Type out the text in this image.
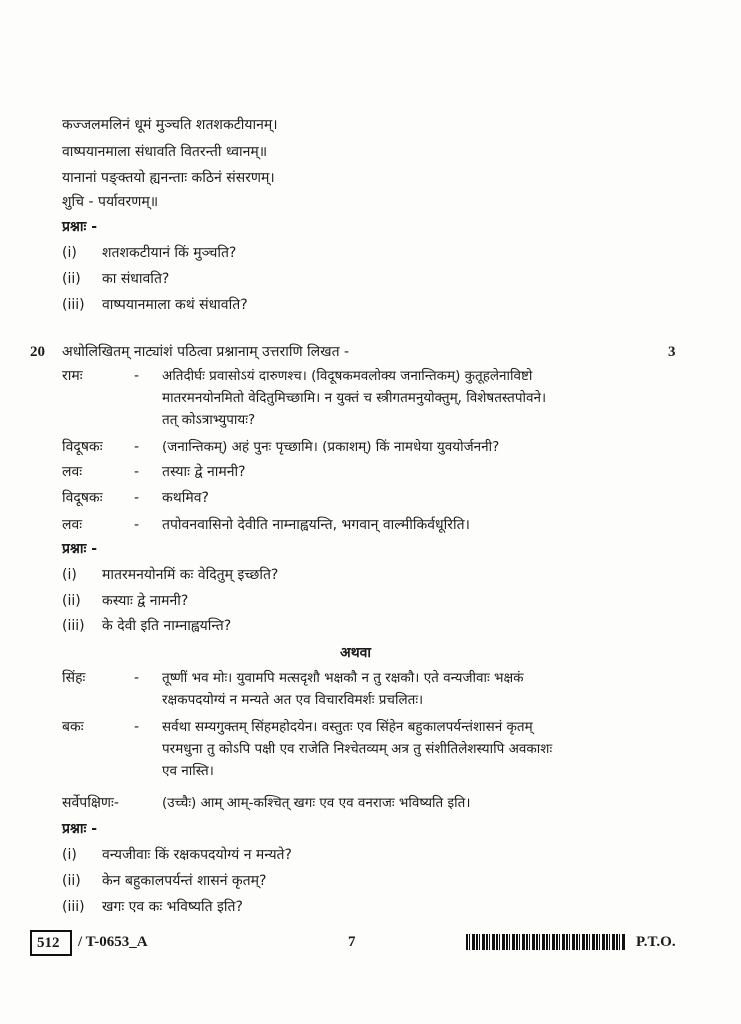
कज्जलमलिनं धूमं मुञ्चति शतशकटीयानम्।
वाष्पयानमाला संधावति वितरन्ती ध्वानम्॥
यानानां पङ्क्तयो ह्यनन्ताः कठिनं संसरणम्।
शुचि - पर्यावरणम्॥
प्रश्नाः -
(i)	शतशकटीयानं किं मुञ्चति?
(ii)	का संधावति?
(iii)	वाष्पयानमाला कथं संधावति?
20 अधोलिखितम् नाट्यांशं पठित्वा प्रश्नानाम् उत्तराणि लिखत -	3
रामः	- अतिदीर्घः प्रवासोऽयं दारुणश्च। (विदूषकमवलोक्य जनान्तिकम्) कुतूहलेनाविष्टो
मातरमनयोनमितो वेदितुमिच्छामि। न युक्तं च स्त्रीगतमनुयोक्तुम्, विशेषतस्तपोवने।
तत् कोऽत्राभ्युपायः?
विदूषकः - (जनान्तिकम्) अहं पुनः पृच्छामि। (प्रकाशम्) किं नामधेया युवयोर्जननी?
लवः	- तस्याः द्वे नामनी?
विदूषकः - कथमिव?
लवः	- तपोवनवासिनो देवीति नाम्नाह्वयन्ति, भगवान् वाल्मीकिर्वधूरिति।
प्रश्नाः -
(i)	मातरमनयोनमिं कः वेदितुम् इच्छति?
(ii)	कस्याः द्वे नामनी?
(iii)	के देवी इति नाम्नाह्वयन्ति?
अथवा
सिंहः	- तूष्णीं भव मोः। युवामपि मत्सदृशौ भक्षकौ न तु रक्षकौ। एते वन्यजीवाः भक्षकं
रक्षकपदयोग्यं न मन्यते अत एव विचारविमर्शः प्रचलितः।
बकः	- सर्वथा सम्यगुक्तम् सिंहमहोदयेन। वस्तुतः एव सिंहेन बहुकालपर्यन्तंशासनं कृतम्
परमधुना तु कोऽपि पक्षी एव राजेति निश्चेतव्यम् अत्र तु संशीतिलेशस्यापि अवकाशः
एव नास्ति।
सर्वेपक्षिणः-	(उच्चैः) आम् आम्-कश्चित् खगः एव एव वनराजः भविष्यति इति।
प्रश्नाः -
(i)	वन्यजीवाः किं रक्षकपदयोग्यं न मन्यते?
(ii)	केन बहुकालपर्यन्तं शासनं कृतम्?
(iii)	खगः एव कः भविष्यति इति?
512 / T-0653_A	7	P.T.O.
